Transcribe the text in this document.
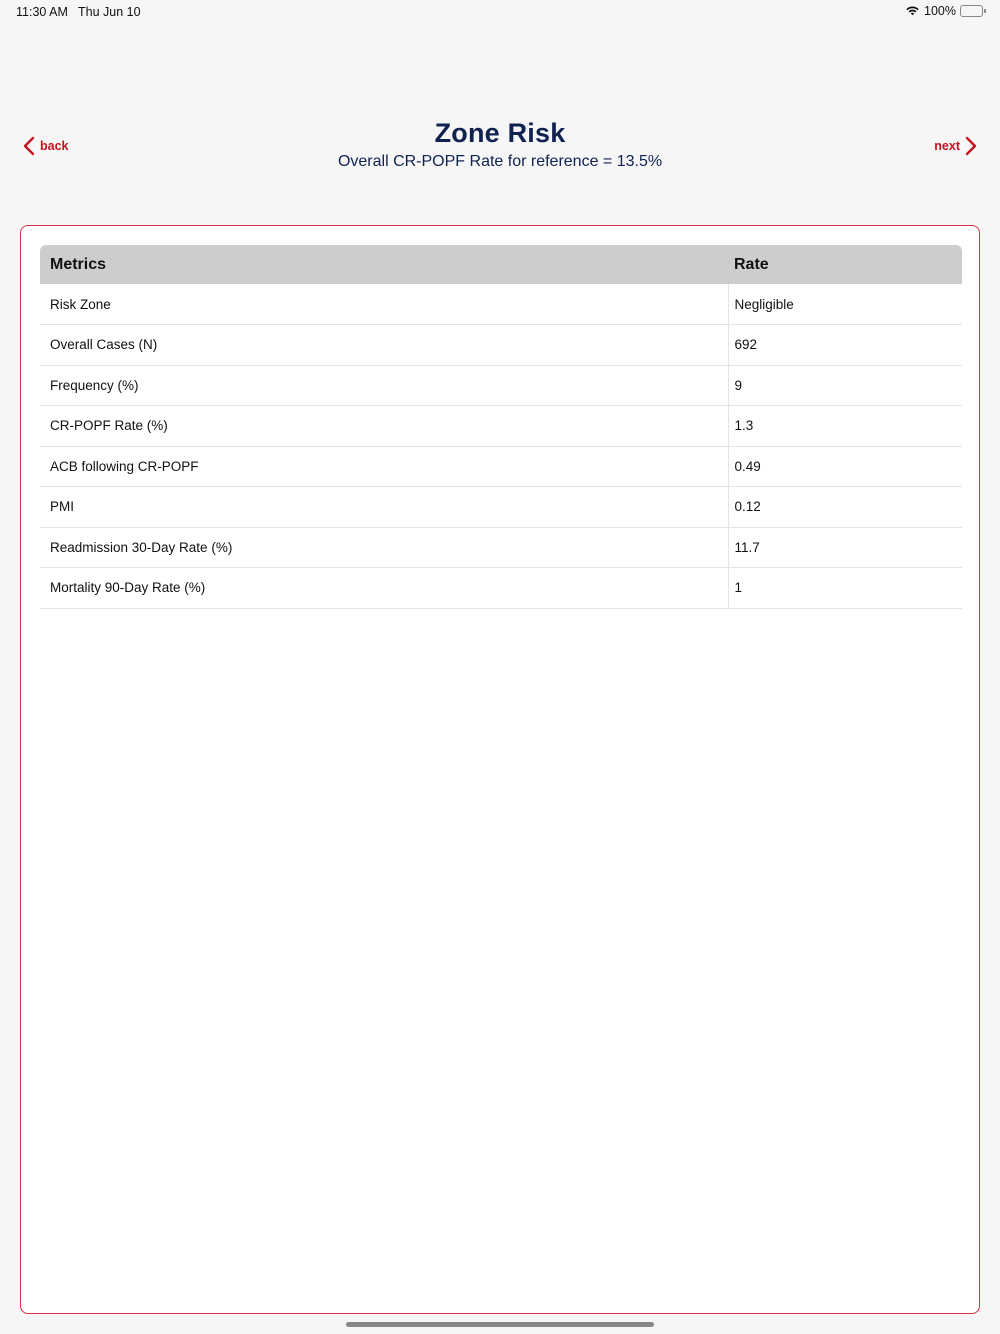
11:30 AM Thu Jun 10	100%
back	Zone Risk
Overall CR-POPF Rate for reference = 13.5%
next
Metrics	Rate
Risk Zone	Negligible
Overall Cases (N)	692
Frequency (%)	9
CR-POPF Rate (%)	1.3
ACB following CR-POPF	0.49
PMI	0.12
Readmission 30-Day Rate (%)	11.7
Mortality 90-Day Rate (%)	1
